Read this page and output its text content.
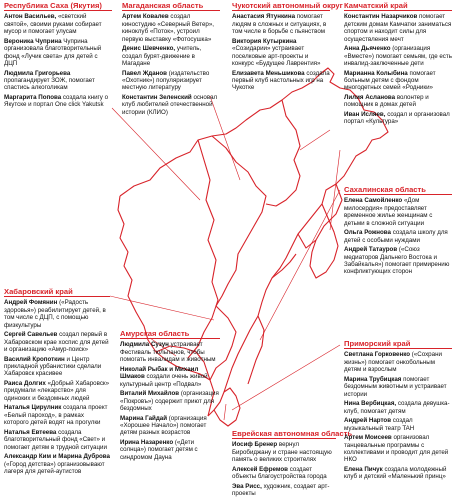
Республика Саха (Якутия)
Антон Васильев, «светский святой», своими руками собирает мусор и помогает улусам
Вероника Чуприна Чуприна организовала благотворительный фонд «Лучик света» для детей с ДЦП
Людмила Григорьева пропагандирует ЗОЖ, помогает спастись алкоголикам
Маргарита Попова создала книгу о Якутске и портал One click Yakutsk
Магаданская область
Артем Ковалев создал киностудию «Северный Ветер», кинoклуб «Поток», устроил первую выставку «Фотосушка»
Денис Шевченко, учитель, создал бурят-движение в Магадане
Павел Жданов (издательство «Охотник») популяризирует местную литературу
Константин Зеленский основал клуб любителей отечественной истории (КЛИО)
Чукотский автономный округ
Анастасия Ятункина помогает людям в сложных и ситуациях, в том числе в борьбе с пьянством
Виктория Кутыркина «Созидарии» устраивает поселковые арт-проекты и конкурс «Будущее Лаврентия»
Елизавета Меньшикова создала первый клуб настольных игр на Чукотке
Камчатский край
Константин Назарчиков помогает детским домам Камчатки заниматься спортом и находит силы для осуществления мечт
Анна Дьяченко (организация «Вместе») помогает семьям, где есть инвалид-заключенные дети
Марианна Колыбина помогает больным детям с фондом многодетных семей «Родники»
Лилия Асланова волонтер и помощник в домах детей
Иван Исляев, создал и организовал портал «Культура»
Сахалинская область
Елена Самойленко «Дом милосердия» предоставляет временное жилье женщинам с детьми в сложной ситуации
Ольга Рожнова создала школу для детей с особыми нуждами
Андрей Татауров («Союз медиаторов Дальнего Востока и Забайкалья») помогает примирению конфликтующих сторон
Хабаровский край
Андрей Фомянин («Радость здоровья») реабилитирует детей, в том числе с ДЦП, с помощью физкультуры
Сергей Савельев создал первый в Хабаровском крае хоспис для детей и организацию «Амур-поиск»
Василий Кропоткин и Центр прикладной урбанистики сделали Хабаровск красивее
Раиса Долгих «Добрый Хабаровск» придумали «лекарство» для одиноких и бездомных людей
Наталья Цирулник создала проект «Белый пароход», в рамках которого детей водят на прогулки
Наталья Евтеева создала благотворительный фонд «Свет» и помогает детям в трудной ситуации
Александр Ким и Марина Дуброва («Город детства») организовывают лагеря для детей-аутистов
Амурская область
Людмила Сузун устраивает Фестиваль тюльпанов, чтобы помогать инвалидам и животным
Николай Рыбак и Михаил Шмаков создали очень живой культурный центр «Подвал»
Виталий Михайлов (организация «Покровъ») содержит приют для бездомных
Марина Гайдай (организация «Хорошее Начало») помогает детям разных возрастов
Ирина Назаренко («Дети солнца») помогает детям с синдромом Дауна
Еврейская автономная область
Иосиф Бренер вернул Биробиджану и стране настоящую память о великих строителях
Алексей Ефремов создает объекты благоустройства города
Эва Рисс, художник, создает арт-проекты
Приморский край
Светлана Горковенко («Сохрани жизнь») помогает онкобольным детям и взрослым
Марина Трубицкая помогает бездомным животным и устраивает истории
Нина Вербицкая, создала девушка-клуб, помогает детям
Андрей Нартов создал музыкальный театр TAH
Артем Моисеев организовал танцевальные программы с коллективами и проводит для детей НКО
Елена Пичук создала молодежный клуб и детский «Маленький принц»
